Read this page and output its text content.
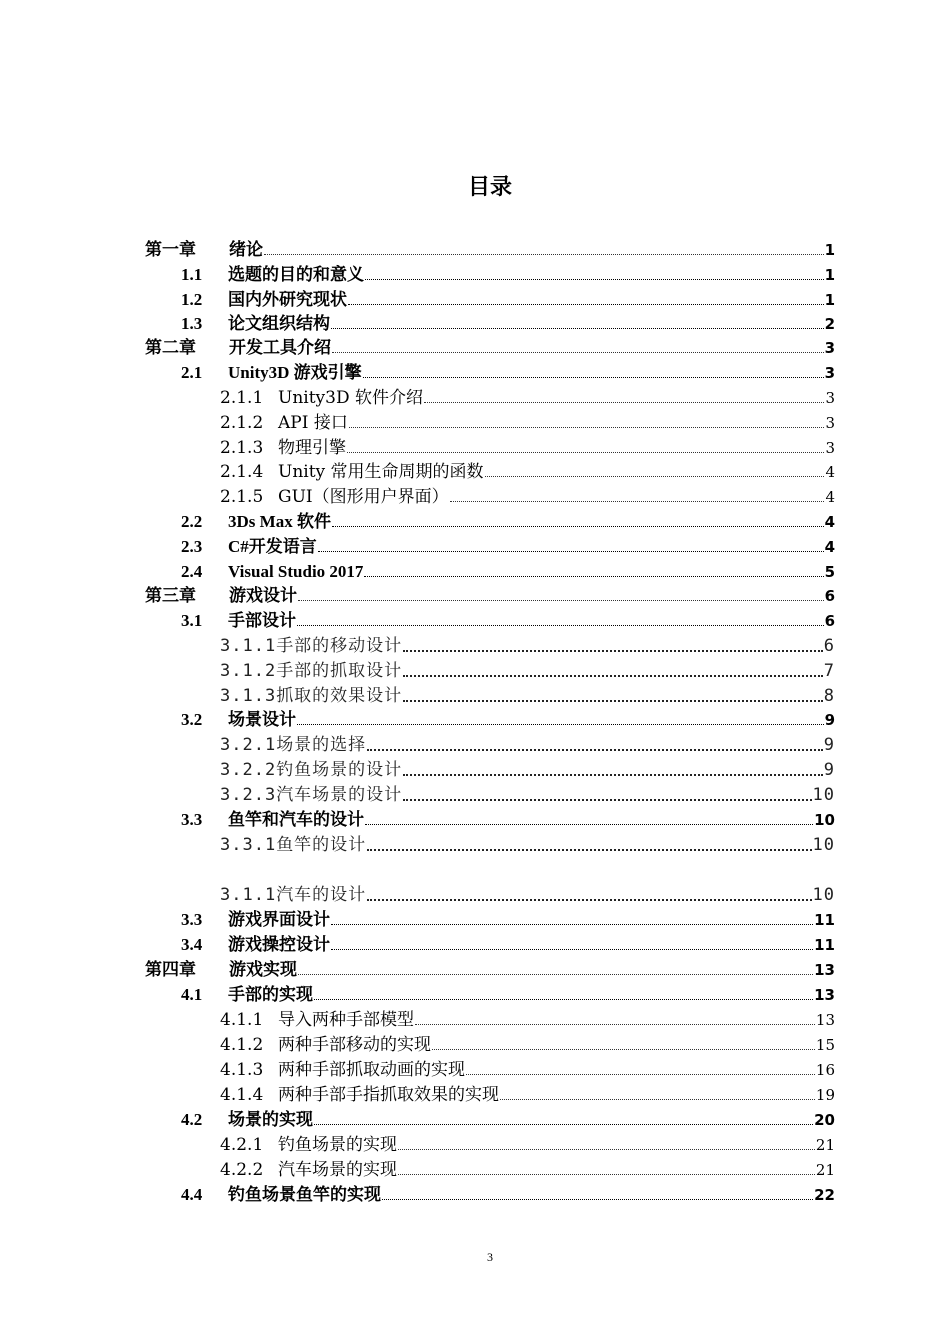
目录
第一章	绪论	1
1.1	选题的目的和意义	1
1.2	国内外研究现状	1
1.3	论文组织结构	2
第二章	开发工具介绍	3
2.1	Unity3D 游戏引擎	3
2.1.1 Unity3D 软件介绍	3
2.1.2 API 接口	3
2.1.3 物理引擎	3
2.1.4 Unity 常用生命周期的函数	4
2.1.5 GUI（图形用户界面）	4
2.2	3Ds Max 软件	4
2.3	C#开发语言	4
2.4	Visual Studio 2017	5
第三章	游戏设计	6
3.1	手部设计	6
3.1.1 手部的移动设计	6
3.1.2 手部的抓取设计	7
3.1.3 抓取的效果设计	8
3.2	场景设计	9
3.2.1 场景的选择	9
3.2.2 钓鱼场景的设计	9
3.2.3 汽车场景的设计	10
3.3	鱼竿和汽车的设计	10
3.3.1 鱼竿的设计	10
3.1.1 汽车的设计	10
3.3	游戏界面设计	11
3.4	游戏操控设计	11
第四章	游戏实现	13
4.1	手部的实现	13
4.1.1 导入两种手部模型	13
4.1.2 两种手部移动的实现	15
4.1.3 两种手部抓取动画的实现	16
4.1.4 两种手部手指抓取效果的实现	19
4.2	场景的实现	20
4.2.1 钓鱼场景的实现	21
4.2.2 汽车场景的实现	21
4.4	钓鱼场景鱼竿的实现	22
3
